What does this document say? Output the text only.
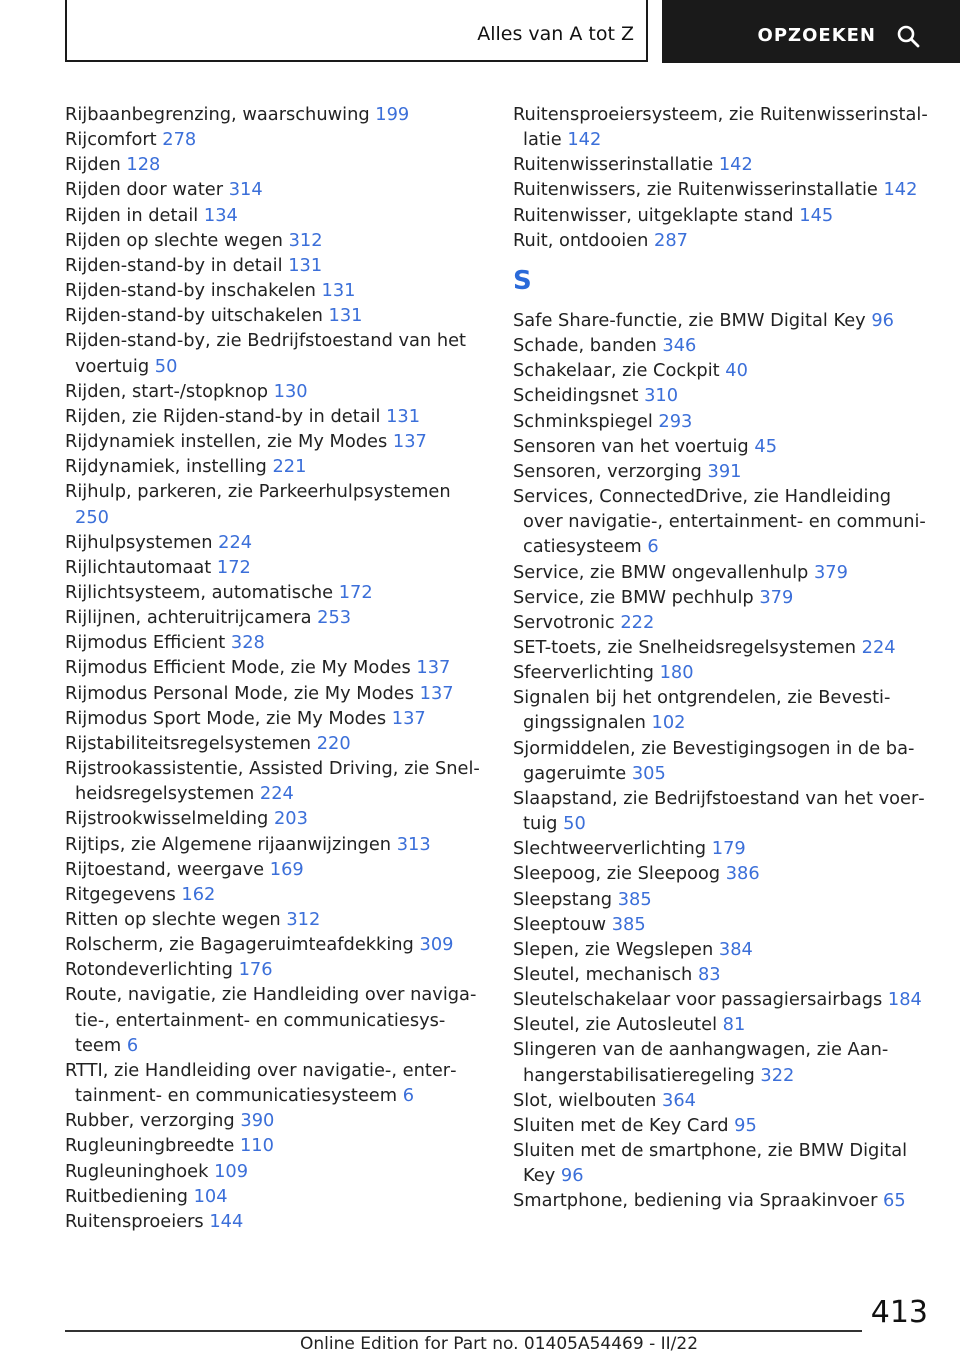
Alles van A tot Z	OPZOEKEN
Rijbaanbegrenzing, waarschuwing 199
Rijcomfort 278
Rijden 128
Rijden door water 314
Rijden in detail 134
Rijden op slechte wegen 312
Rijden-stand-by in detail 131
Rijden-stand-by inschakelen 131
Rijden-stand-by uitschakelen 131
Rijden-stand-by, zie Bedrijfstoestand van het voertuig 50
Rijden, start-/stopknop 130
Rijden, zie Rijden-stand-by in detail 131
Rijdynamiek instellen, zie My Modes 137
Rijdynamiek, instelling 221
Rijhulp, parkeren, zie Parkeerhulpsystemen 250
Rijhulpsystemen 224
Rijlichtautomaat 172
Rijlichtsysteem, automatische 172
Rijlijnen, achteruitrijcamera 253
Rijmodus Efficient 328
Rijmodus Efficient Mode, zie My Modes 137
Rijmodus Personal Mode, zie My Modes 137
Rijmodus Sport Mode, zie My Modes 137
Rijstabiliteitsregelsystemen 220
Rijstrookassistentie, Assisted Driving, zie Snelheidsregelsystemen 224
Rijstrookwisselmelding 203
Rijtips, zie Algemene rijaanwijzingen 313
Rijtoestand, weergave 169
Ritgegevens 162
Ritten op slechte wegen 312
Rolscherm, zie Bagageruimteafdekking 309
Rotondeverlichting 176
Route, navigatie, zie Handleiding over navigatie-, entertainment- en communicatiesysteem 6
RTTI, zie Handleiding over navigatie-, entertainment- en communicatiesysteem 6
Rubber, verzorging 390
Rugleuningbreedte 110
Rugleuninghoek 109
Ruitbediening 104
Ruitensproeiers 144
Ruitensproeiersysteem, zie Ruitenwisserinstallatie 142
Ruitenwisserinstallatie 142
Ruitenwissers, zie Ruitenwisserinstallatie 142
Ruitenwisser, uitgeklapte stand 145
Ruit, ontdooien 287
S
Safe Share-functie, zie BMW Digital Key 96
Schade, banden 346
Schakelaar, zie Cockpit 40
Scheidingsnet 310
Schminkspiegel 293
Sensoren van het voertuig 45
Sensoren, verzorging 391
Services, ConnectedDrive, zie Handleiding over navigatie-, entertainment- en communicatiesysteem 6
Service, zie BMW ongevallenhulp 379
Service, zie BMW pechhulp 379
Servotronic 222
SET-toets, zie Snelheidsregelsystemen 224
Sfeerverlichting 180
Signalen bij het ontgrendelen, zie Bevestigingssignalen 102
Sjormiddelen, zie Bevestigingsogen in de bagageruimte 305
Slaapstand, zie Bedrijfstoestand van het voertuig 50
Slechtweerverlichting 179
Sleepoog, zie Sleepoog 386
Sleepstang 385
Sleeptouw 385
Slepen, zie Wegslepen 384
Sleutel, mechanisch 83
Sleutelschakelaar voor passagiersairbags 184
Sleutel, zie Autosleutel 81
Slingeren van de aanhangwagen, zie Aanhangerstabilisatieregeling 322
Slot, wielbouten 364
Sluiten met de Key Card 95
Sluiten met de smartphone, zie BMW Digital Key 96
Smartphone, bediening via Spraakinvoer 65
413
Online Edition for Part no. 01405A54469 - II/22
